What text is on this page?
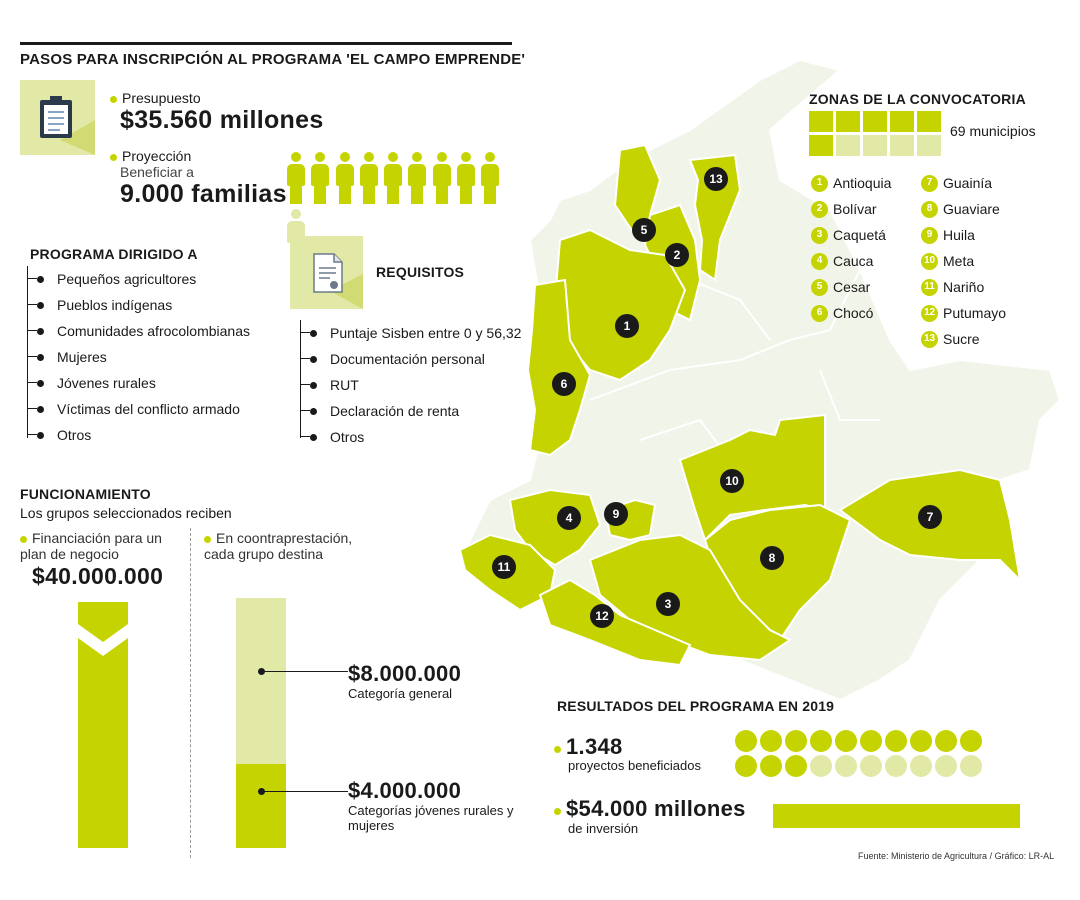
13
5
2
1
6
10
7
9
4
8
11
3
12
PASOS PARA INSCRIPCIÓN AL PROGRAMA 'EL CAMPO EMPRENDE'
Presupuesto
$35.560 millones
Proyección
Beneficiar a
9.000 familias
PROGRAMA DIRIGIDO A
Pequeños agricultores
Pueblos indígenas
Comunidades afrocolombianas
Mujeres
Jóvenes rurales
Víctimas del conflicto armado
Otros
REQUISITOS
Puntaje Sisben entre 0 y 56,32
Documentación personal
RUT
Declaración de renta
Otros
FUNCIONAMIENTO
Los grupos seleccionados reciben
Financiación para un plan de negocio
$40.000.000
En coontraprestación, cada grupo destina
$8.000.000
Categoría general
$4.000.000
Categorías jóvenes rurales y mujeres
ZONAS DE LA CONVOCATORIA
69 municipios
1 Antioquia
2 Bolívar
3 Caquetá
4 Cauca
5 Cesar
6 Chocó
7 Guainía
8 Guaviare
9 Huila
10 Meta
11 Nariño
12 Putumayo
13 Sucre
RESULTADOS DEL PROGRAMA EN 2019
1.348
proyectos beneficiados
$54.000 millones
de inversión
Fuente: Ministerio de Agricultura / Gráfico: LR-AL
